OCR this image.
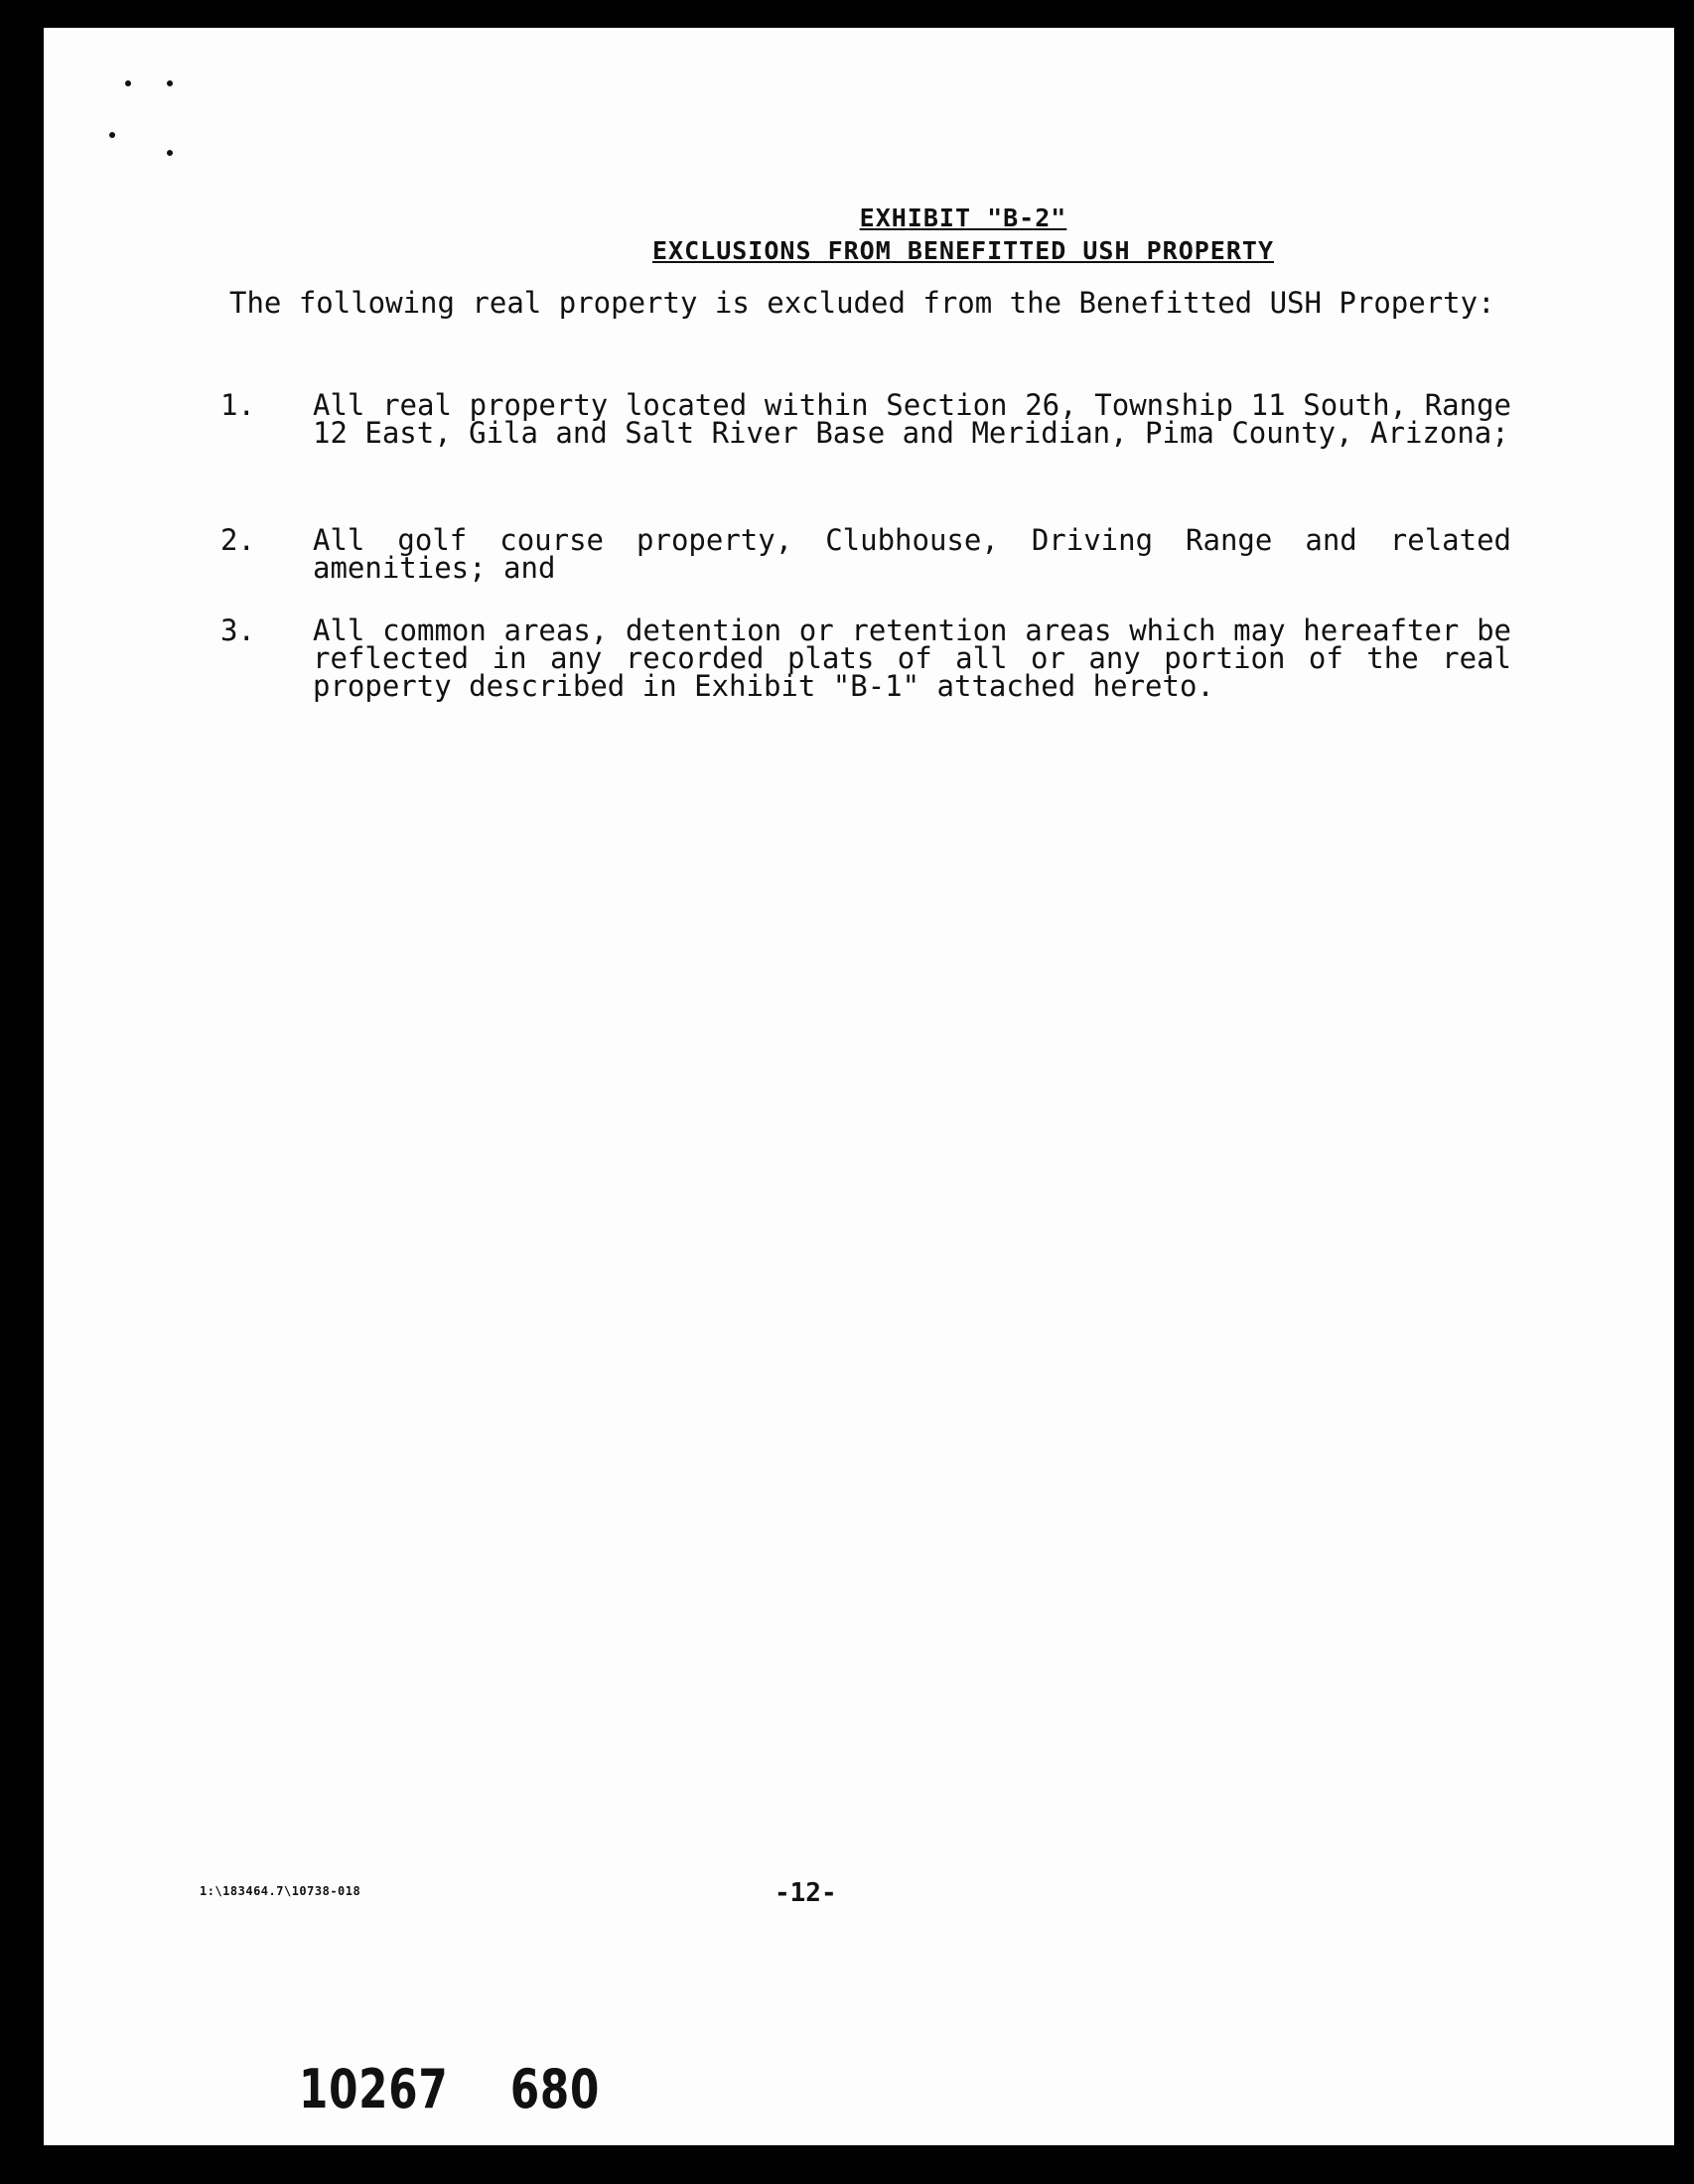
EXHIBIT "B-2"
EXCLUSIONS FROM BENEFITTED USH PROPERTY
The following real property is excluded from the Benefitted USH Property:
1.	All real property located within Section 26, Township 11 South, Range 12 East, Gila and Salt River Base and Meridian, Pima County, Arizona;
2.	All golf course property, Clubhouse, Driving Range and related amenities; and
3.	All common areas, detention or retention areas which may hereafter be reflected in any recorded plats of all or any portion of the real property described in Exhibit "B-1" attached hereto.
1:\183464.7\10738-018	-12-
10267 680
